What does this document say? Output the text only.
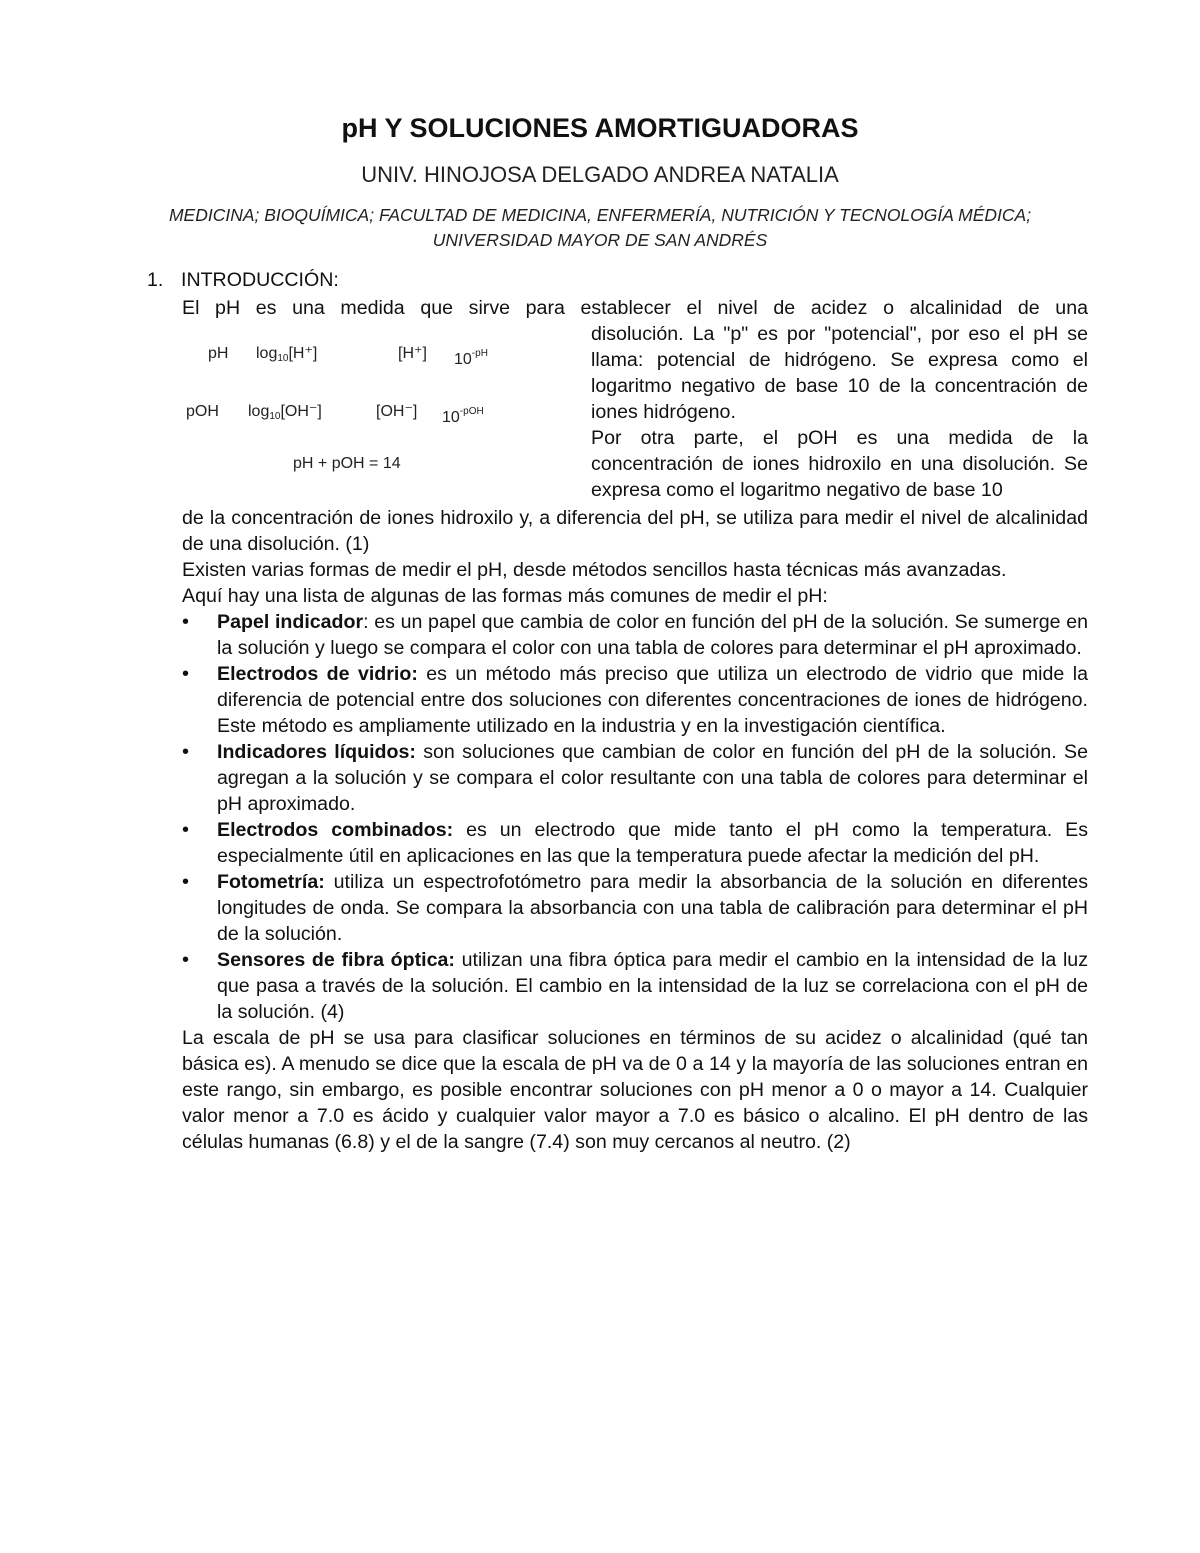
pH Y SOLUCIONES AMORTIGUADORAS
UNIV. HINOJOSA DELGADO ANDREA NATALIA
MEDICINA; BIOQUÍMICA; FACULTAD DE MEDICINA, ENFERMERÍA, NUTRICIÓN Y TECNOLOGÍA MÉDICA;
UNIVERSIDAD MAYOR DE SAN ANDRÉS
1. INTRODUCCIÓN:

El pH es una medida que sirve para establecer el nivel de acidez o alcalinidad de una

pH $\log_{10}[H^+]$	[H⁺] $10^{-pH}$
pOH $\log_{10}[OH^-]$	[OH⁻] $10^{-pOH}$
pH + pOH = 14

disolución. La "p" es por "potencial", por eso el pH se llama: potencial de hidrógeno. Se expresa como el logaritmo negativo de base 10 de la concentración de iones hidrógeno.

Por otra parte, el pOH es una medida de la concentración de iones hidroxilo en una disolución. Se expresa como el logaritmo negativo de base 10

de la concentración de iones hidroxilo y, a diferencia del pH, se utiliza para medir el nivel de alcalinidad de una disolución. (1)

Existen varias formas de medir el pH, desde métodos sencillos hasta técnicas más avanzadas.

Aquí hay una lista de algunas de las formas más comunes de medir el pH:

•	Papel indicador: es un papel que cambia de color en función del pH de la solución. Se sumerge en la solución y luego se compara el color con una tabla de colores para determinar el pH aproximado.
•	Electrodos de vidrio: es un método más preciso que utiliza un electrodo de vidrio que mide la diferencia de potencial entre dos soluciones con diferentes concentraciones de iones de hidrógeno. Este método es ampliamente utilizado en la industria y en la investigación científica.
•	Indicadores líquidos: son soluciones que cambian de color en función del pH de la solución. Se agregan a la solución y se compara el color resultante con una tabla de colores para determinar el pH aproximado.
•	Electrodos combinados: es un electrodo que mide tanto el pH como la temperatura. Es especialmente útil en aplicaciones en las que la temperatura puede afectar la medición del pH.
•	Fotometría: utiliza un espectrofotómetro para medir la absorbancia de la solución en diferentes longitudes de onda. Se compara la absorbancia con una tabla de calibración para determinar el pH de la solución.
•	Sensores de fibra óptica: utilizan una fibra óptica para medir el cambio en la intensidad de la luz que pasa a través de la solución. El cambio en la intensidad de la luz se correlaciona con el pH de la solución. (4)

La escala de pH se usa para clasificar soluciones en términos de su acidez o alcalinidad (qué tan básica es). A menudo se dice que la escala de pH va de 0 a 14 y la mayoría de las soluciones entran en este rango, sin embargo, es posible encontrar soluciones con pH menor a 0 o mayor a 14. Cualquier valor menor a 7.0 es ácido y cualquier valor mayor a 7.0 es básico o alcalino. El pH dentro de las células humanas (6.8) y el de la sangre (7.4) son muy cercanos al neutro. (2)
